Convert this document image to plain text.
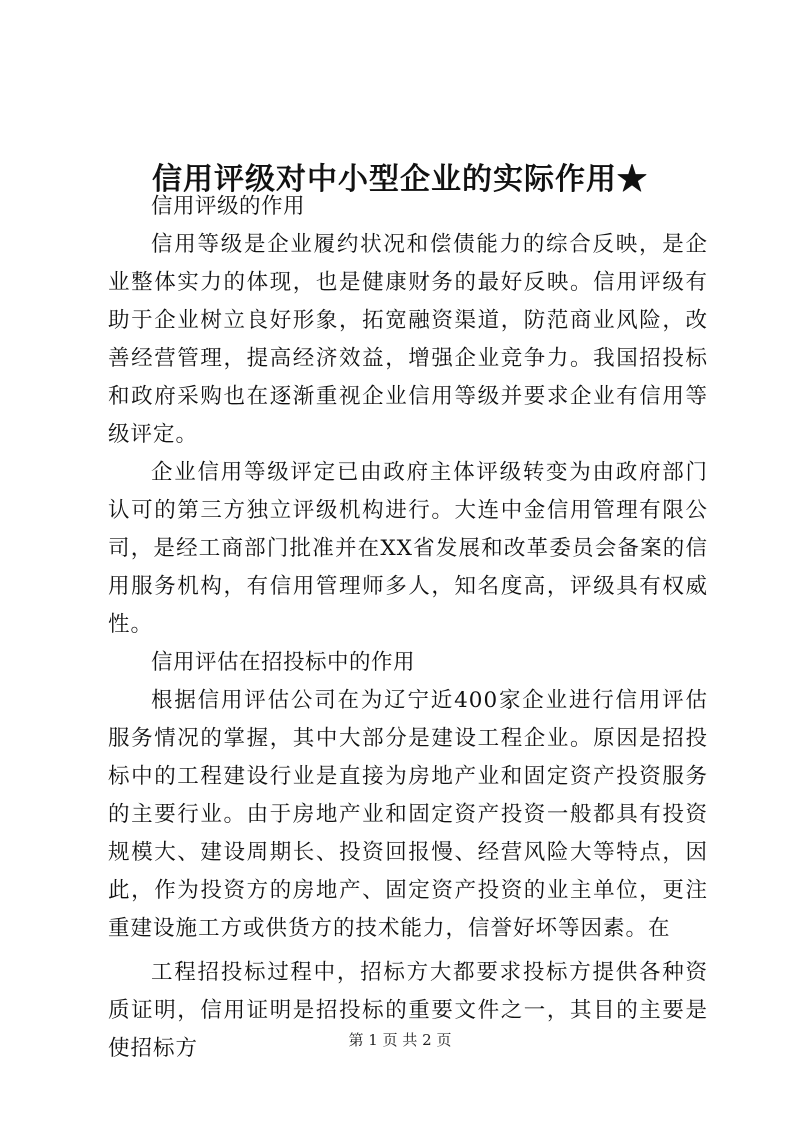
信用评级对中小型企业的实际作用★

信用评级的作用

信用等级是企业履约状况和偿债能力的综合反映，是企业整体实力的体现，也是健康财务的最好反映。信用评级有助于企业树立良好形象，拓宽融资渠道，防范商业风险，改善经营管理，提高经济效益，增强企业竞争力。我国招投标和政府采购也在逐渐重视企业信用等级并要求企业有信用等级评定。

企业信用等级评定已由政府主体评级转变为由政府部门认可的第三方独立评级机构进行。大连中金信用管理有限公司，是经工商部门批准并在XX省发展和改革委员会备案的信用服务机构，有信用管理师多人，知名度高，评级具有权威性。

信用评估在招投标中的作用

根据信用评估公司在为辽宁近400家企业进行信用评估服务情况的掌握，其中大部分是建设工程企业。原因是招投标中的工程建设行业是直接为房地产业和固定资产投资服务的主要行业。由于房地产业和固定资产投资一般都具有投资规模大、建设周期长、投资回报慢、经营风险大等特点，因此，作为投资方的房地产、固定资产投资的业主单位，更注重建设施工方或供货方的技术能力，信誉好坏等因素。在

工程招投标过程中，招标方大都要求投标方提供各种资质证明，信用证明是招投标的重要文件之一，其目的主要是使招标方	第 1 页 共 2 页
